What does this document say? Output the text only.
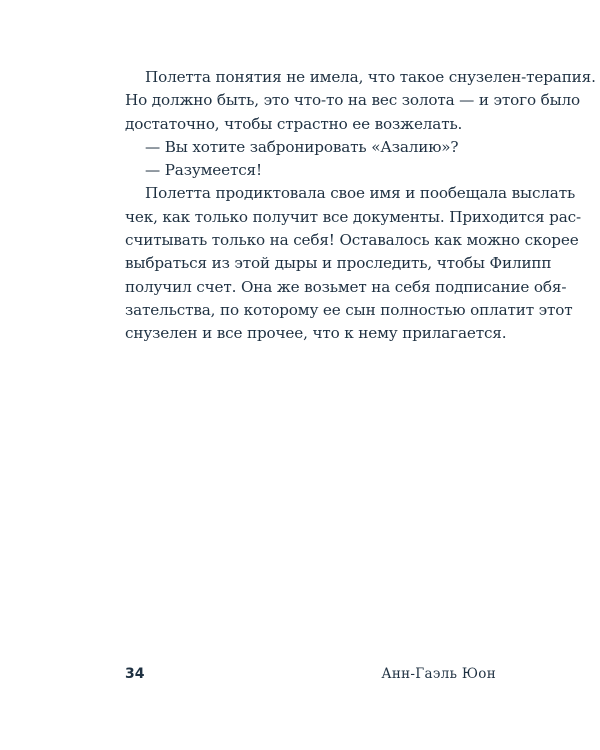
Полетта понятия не имела, что такое снузелен-терапия.
Но должно быть, это что-то на вес золота — и этого было
достаточно, чтобы страстно ее возжелать.
— Вы хотите забронировать «Азалию»?
— Разумеется!
Полетта продиктовала свое имя и пообещала выслать
чек, как только получит все документы. Приходится рас-
считывать только на себя! Оставалось как можно скорее
выбраться из этой дыры и проследить, чтобы Филипп
получил счет. Она же возьмет на себя подписание обя-
зательства, по которому ее сын полностью оплатит этот
снузелен и все прочее, что к нему прилагается.
34	Анн-Гаэль Юон
